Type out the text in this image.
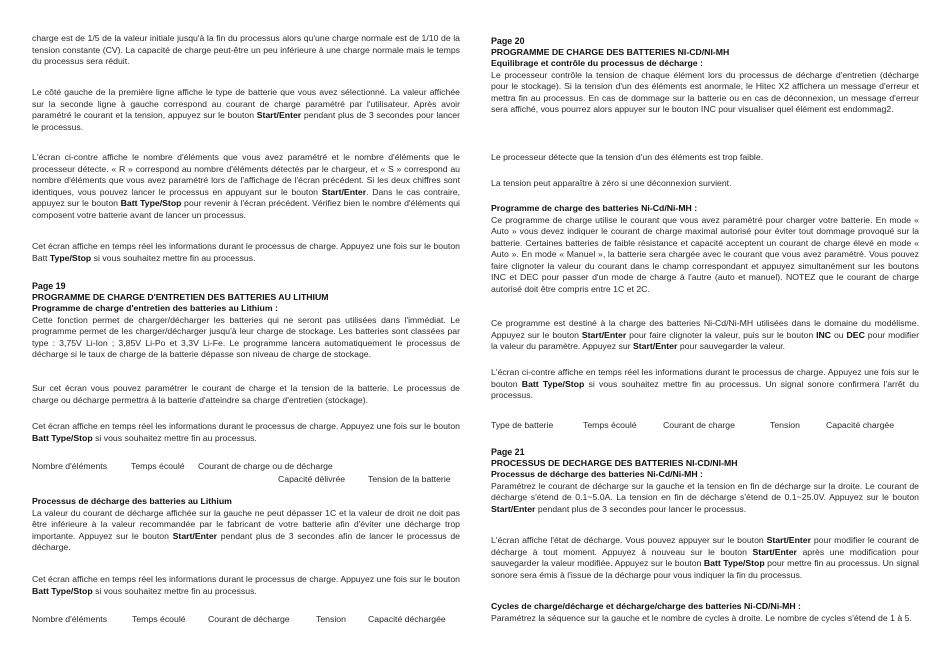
charge est de 1/5 de la valeur initiale jusqu'à la fin du processus alors qu'une charge normale est de 1/10 de la tension constante (CV). La capacité de charge peut-être un peu inférieure à une charge normale mais le temps du processus sera réduit.

Le côté gauche de la première ligne affiche le type de batterie que vous avez sélectionné. La valeur affichée sur la seconde ligne à gauche correspond au courant de charge paramétré par l'utilisateur. Après avoir paramétré le courant et la tension, appuyez sur le bouton Start/Enter pendant plus de 3 secondes pour lancer le processus.

L'écran ci-contre affiche le nombre d'éléments que vous avez paramétré et le nombre d'éléments que le processeur détecte. « R » correspond au nombre d'éléments détectés par le chargeur, et « S » correspond au nombre d'éléments que vous avez paramétré lors de l'affichage de l'écran précédent. Si les deux chiffres sont identiques, vous pouvez lancer le processus en appuyant sur le bouton Start/Enter. Dans le cas contraire, appuyez sur le bouton Batt Type/Stop pour revenir à l'écran précédent. Vérifiez bien le nombre d'éléments qui composent votre batterie avant de lancer un processus.

Cet écran affiche en temps réel les informations durant le processus de charge. Appuyez une fois sur le bouton Batt Type/Stop si vous souhaitez mettre fin au processus.

Page 19
PROGRAMME DE CHARGE D'ENTRETIEN DES BATTERIES AU LITHIUM
Programme de charge d'entretien des batteries au Lithium :

Cette fonction permet de charger/décharger les batteries qui ne seront pas utilisées dans l'immédiat. Le programme permet de les charger/décharger jusqu'à leur charge de stockage. Les batteries sont classées par type : 3,75V Li-Ion ; 3,85V Li-Po et 3,3V Li-Fe. Le programme lancera automatiquement le processus de décharge si le taux de charge de la batterie dépasse son niveau de charge de stockage.

Sur cet écran vous pouvez paramétrer le courant de charge et la tension de la batterie. Le processus de charge ou décharge permettra à la batterie d'atteindre sa charge d'entretien (stockage).

Cet écran affiche en temps réel les informations durant le processus de charge. Appuyez une fois sur le bouton Batt Type/Stop si vous souhaitez mettre fin au processus.

Nombre d'éléments	Temps écoulé	Courant de charge ou de décharge
Capacité délivrée	Tension de la batterie
Processus de décharge des batteries au Lithium

La valeur du courant de décharge affichée sur la gauche ne peut dépasser 1C et la valeur de droit ne doit pas être inférieure à la valeur recommandée par le fabricant de votre batterie afin d'éviter une décharge trop importante. Appuyez sur le bouton Start/Enter pendant plus de 3 secondes afin de lancer le processus de décharge.

Cet écran affiche en temps réel les informations durant le processus de charge. Appuyez une fois sur le bouton Batt Type/Stop si vous souhaitez mettre fin au processus.

Nombre d'éléments	Temps écoulé	Courant de décharge	Tension	Capacité déchargée
Page 20
PROGRAMME DE CHARGE DES BATTERIES NI-CD/NI-MH
Equilibrage et contrôle du processus de décharge :

Le processeur contrôle la tension de chaque élément lors du processus de décharge d'entretien (décharge pour le stockage). Si la tension d'un des éléments est anormale, le Hitec X2 affichera un message d'erreur et mettra fin au processus. En cas de dommage sur la batterie ou en cas de déconnexion, un message d'erreur sera affiché, vous pourrez alors appuyer sur le bouton INC pour visualiser quel élément est endommag2.

Le processeur détecte que la tension d'un des éléments est trop faible.

La tension peut apparaître à zéro si une déconnexion survient.

Programme de charge des batteries Ni-Cd/Ni-MH :

Ce programme de charge utilise le courant que vous avez paramétré pour charger votre batterie. En mode « Auto » vous devez indiquer le courant de charge maximal autorisé pour éviter tout dommage provoqué sur la batterie. Certaines batteries de faible résistance et capacité acceptent un courant de charge élevé en mode « Auto ». En mode « Manuel », la batterie sera chargée avec le courant que vous avez paramétré. Vous pouvez faire clignoter la valeur du courant dans le champ correspondant et appuyez simultanément sur les boutons INC et DEC pour passer d'un mode de charge à l'autre (auto et manuel). NOTEZ que le courant de charge autorisé doit être compris entre 1C et 2C.

Ce programme est destiné à la charge des batteries Ni-Cd/Ni-MH utilisées dans le domaine du modélisme. Appuyez sur le bouton Start/Enter pour faire clignoter la valeur, puis sur le bouton INC ou DEC pour modifier la valeur du paramètre. Appuyez sur Start/Enter pour sauvegarder la valeur.

L'écran ci-contre affiche en temps réel les informations durant le processus de charge. Appuyez une fois sur le bouton Batt Type/Stop si vous souhaitez mettre fin au processus. Un signal sonore confirmera l'arrêt du processus.

Type de batterie	Temps écoulé	Courant de charge	Tension	Capacité chargée
Page 21
PROCESSUS DE DECHARGE DES BATTERIES NI-CD/NI-MH
Processus de décharge des batteries Ni-Cd/Ni-MH :

Paramétrez le courant de décharge sur la gauche et la tension en fin de décharge sur la droite. Le courant de décharge s'étend de 0.1~5.0A. La tension en fin de décharge s'étend de 0.1~25.0V. Appuyez sur le bouton Start/Enter pendant plus de 3 secondes pour lancer le processus.

L'écran affiche l'état de décharge. Vous pouvez appuyer sur le bouton Start/Enter pour modifier le courant de décharge à tout moment. Appuyez à nouveau sur le bouton Start/Enter après une modification pour sauvegarder la valeur modifiée. Appuyez sur le bouton Batt Type/Stop pour mettre fin au processus. Un signal sonore sera émis à l'issue de la décharge pour vous indiquer la fin du processus.

Cycles de charge/décharge et décharge/charge des batteries Ni-CD/Ni-MH :

Paramétrez la séquence sur la gauche et le nombre de cycles à droite. Le nombre de cycles s'étend de 1 à 5.
